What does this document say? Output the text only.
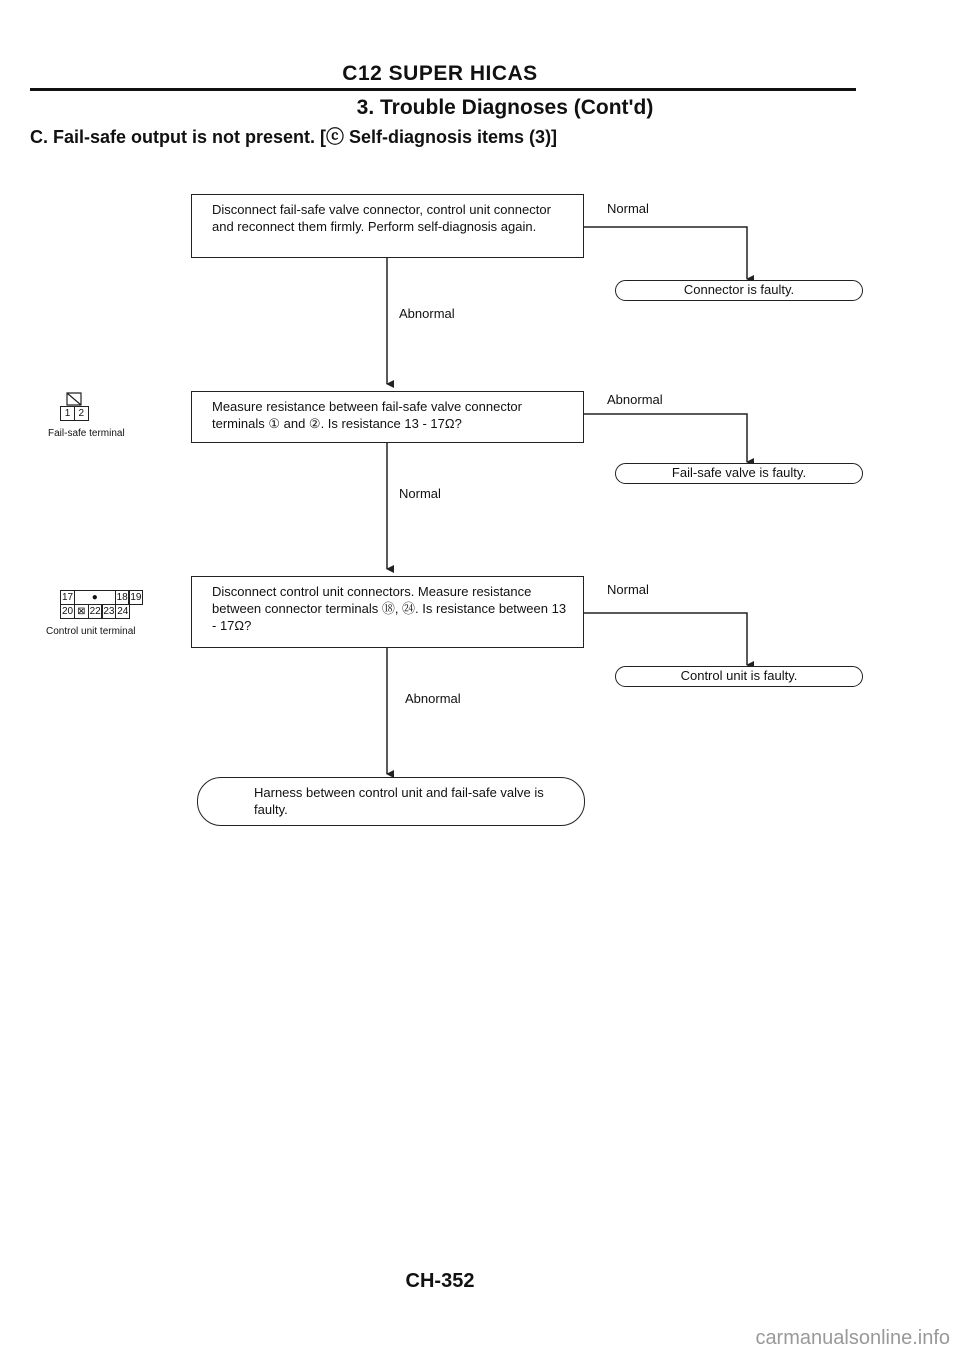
C12 SUPER HICAS
3. Trouble Diagnoses (Cont'd)
C. Fail-safe output is not present. [ⓒ Self-diagnosis items (3)]
Disconnect fail-safe valve connector, control unit connector and reconnect them firmly. Perform self-diagnosis again.
Normal
Connector is faulty.
Abnormal
Measure resistance between fail-safe valve connector terminals ① and ②. Is resistance 13 - 17Ω?
Abnormal
Fail-safe valve is faulty.
Normal
Disconnect control unit connectors. Measure resistance between connector terminals ⑱, ㉔. Is resistance between 13 - 17Ω?
Normal
Control unit is faulty.
Abnormal
Harness between control unit and fail-safe valve is faulty.
1 2
Fail-safe terminal
17	●	18 19
20 ⊠ 22 23 24
Control unit terminal
CH-352
carmanualsonline.info
